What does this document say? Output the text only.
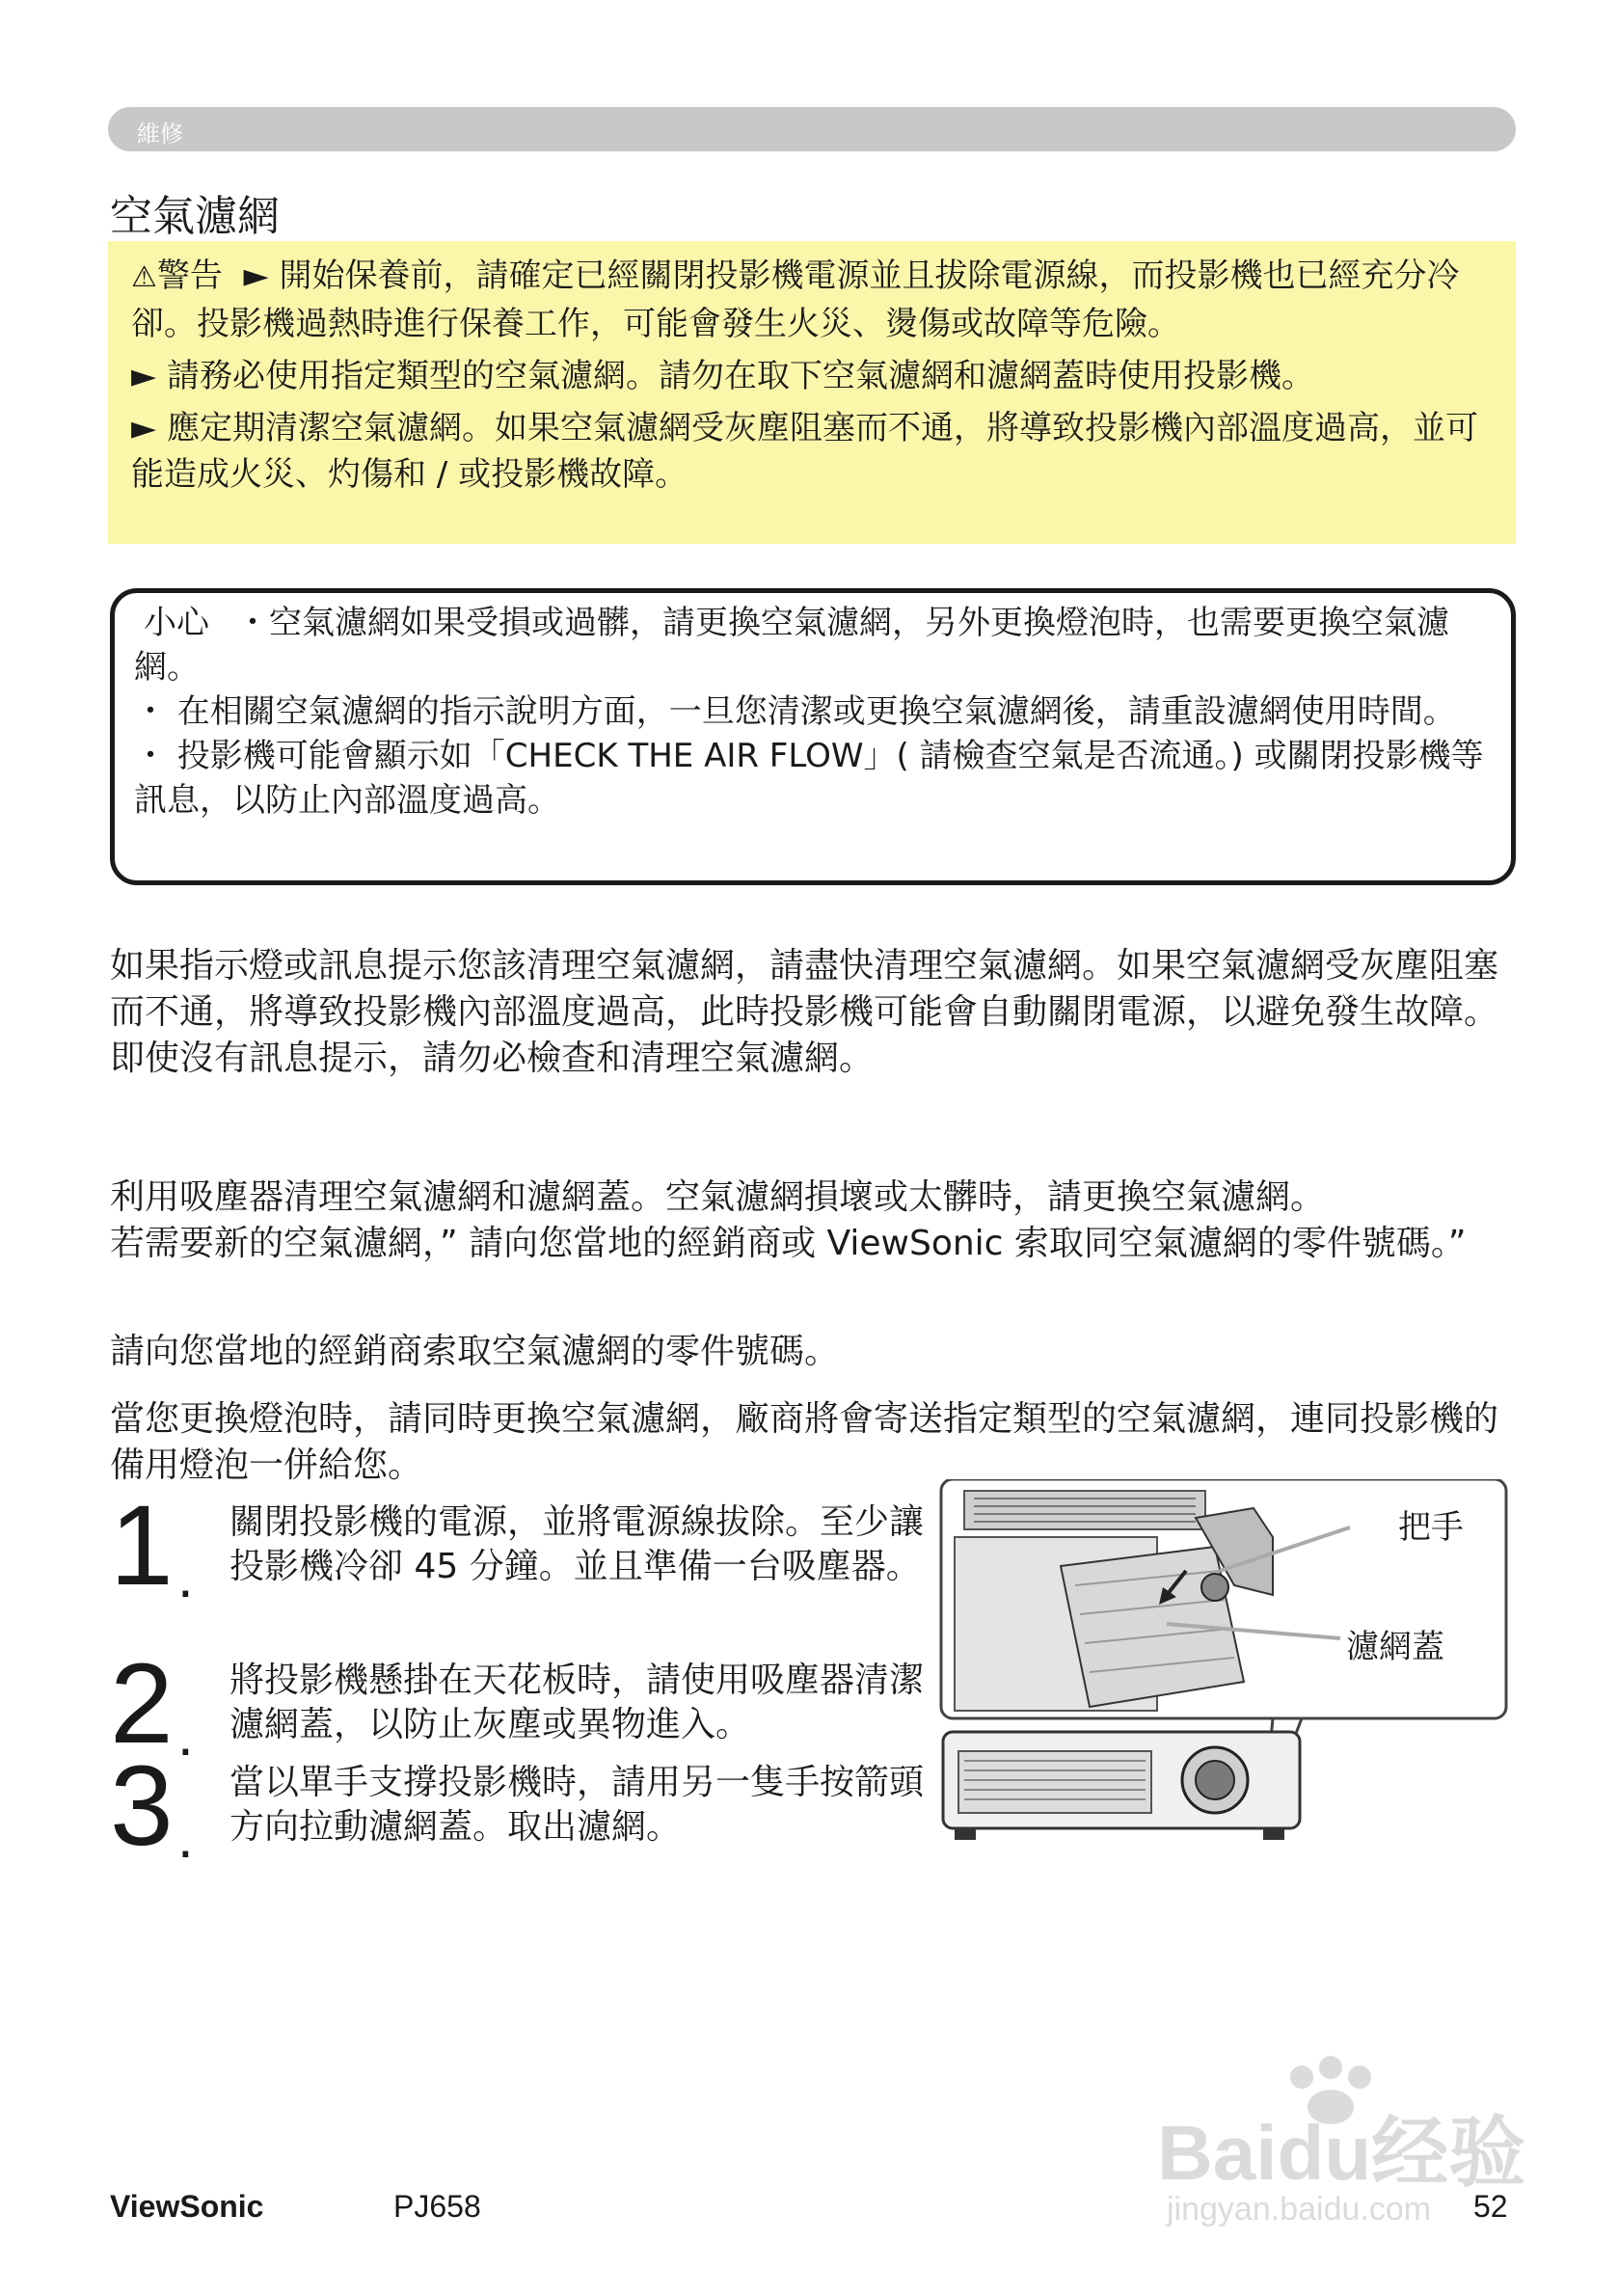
維修
空氣濾網

⚠警告 ► 開始保養前，請確定已經關閉投影機電源並且拔除電源線，而投影機也已經充分冷卻。投影機過熱時進行保養工作，可能會發生火災、燙傷或故障等危險。

► 請務必使用指定類型的空氣濾網。請勿在取下空氣濾網和濾網蓋時使用投影機。

► 應定期清潔空氣濾網。如果空氣濾網受灰塵阻塞而不通，將導致投影機內部溫度過高，並可能造成火災、灼傷和 / 或投影機故障。

小心 ・空氣濾網如果受損或過髒，請更換空氣濾網，另外更換燈泡時，也需要更換空氣濾網。

・ 在相關空氣濾網的指示說明方面，一旦您清潔或更換空氣濾網後，請重設濾網使用時間。

・ 投影機可能會顯示如「CHECK THE AIR FLOW」( 請檢查空氣是否流通。) 或關閉投影機等訊息，以防止內部溫度過高。

如果指示燈或訊息提示您該清理空氣濾網，請盡快清理空氣濾網。如果空氣濾網受灰塵阻塞而不通，將導致投影機內部溫度過高，此時投影機可能會自動關閉電源，以避免發生故障。

即使沒有訊息提示，請勿必檢查和清理空氣濾網。

利用吸塵器清理空氣濾網和濾網蓋。空氣濾網損壞或太髒時，請更換空氣濾網。

若需要新的空氣濾網，” 請向您當地的經銷商或 ViewSonic 索取同空氣濾網的零件號碼。”

請向您當地的經銷商索取空氣濾網的零件號碼。

當您更換燈泡時，請同時更換空氣濾網，廠商將會寄送指定類型的空氣濾網，連同投影機的備用燈泡一併給您。

1 .

關閉投影機的電源，並將電源線拔除。至少讓投影機冷卻 45 分鐘。並且準備一台吸塵器。

2 .

將投影機懸掛在天花板時，請使用吸塵器清潔濾網蓋，以防止灰塵或異物進入。

3 .

當以單手支撐投影機時，請用另一隻手按箭頭方向拉動濾網蓋。取出濾網。

把手
濾網蓋
ViewSonic	PJ658	52
Baidu经验
jingyan.baidu.com
